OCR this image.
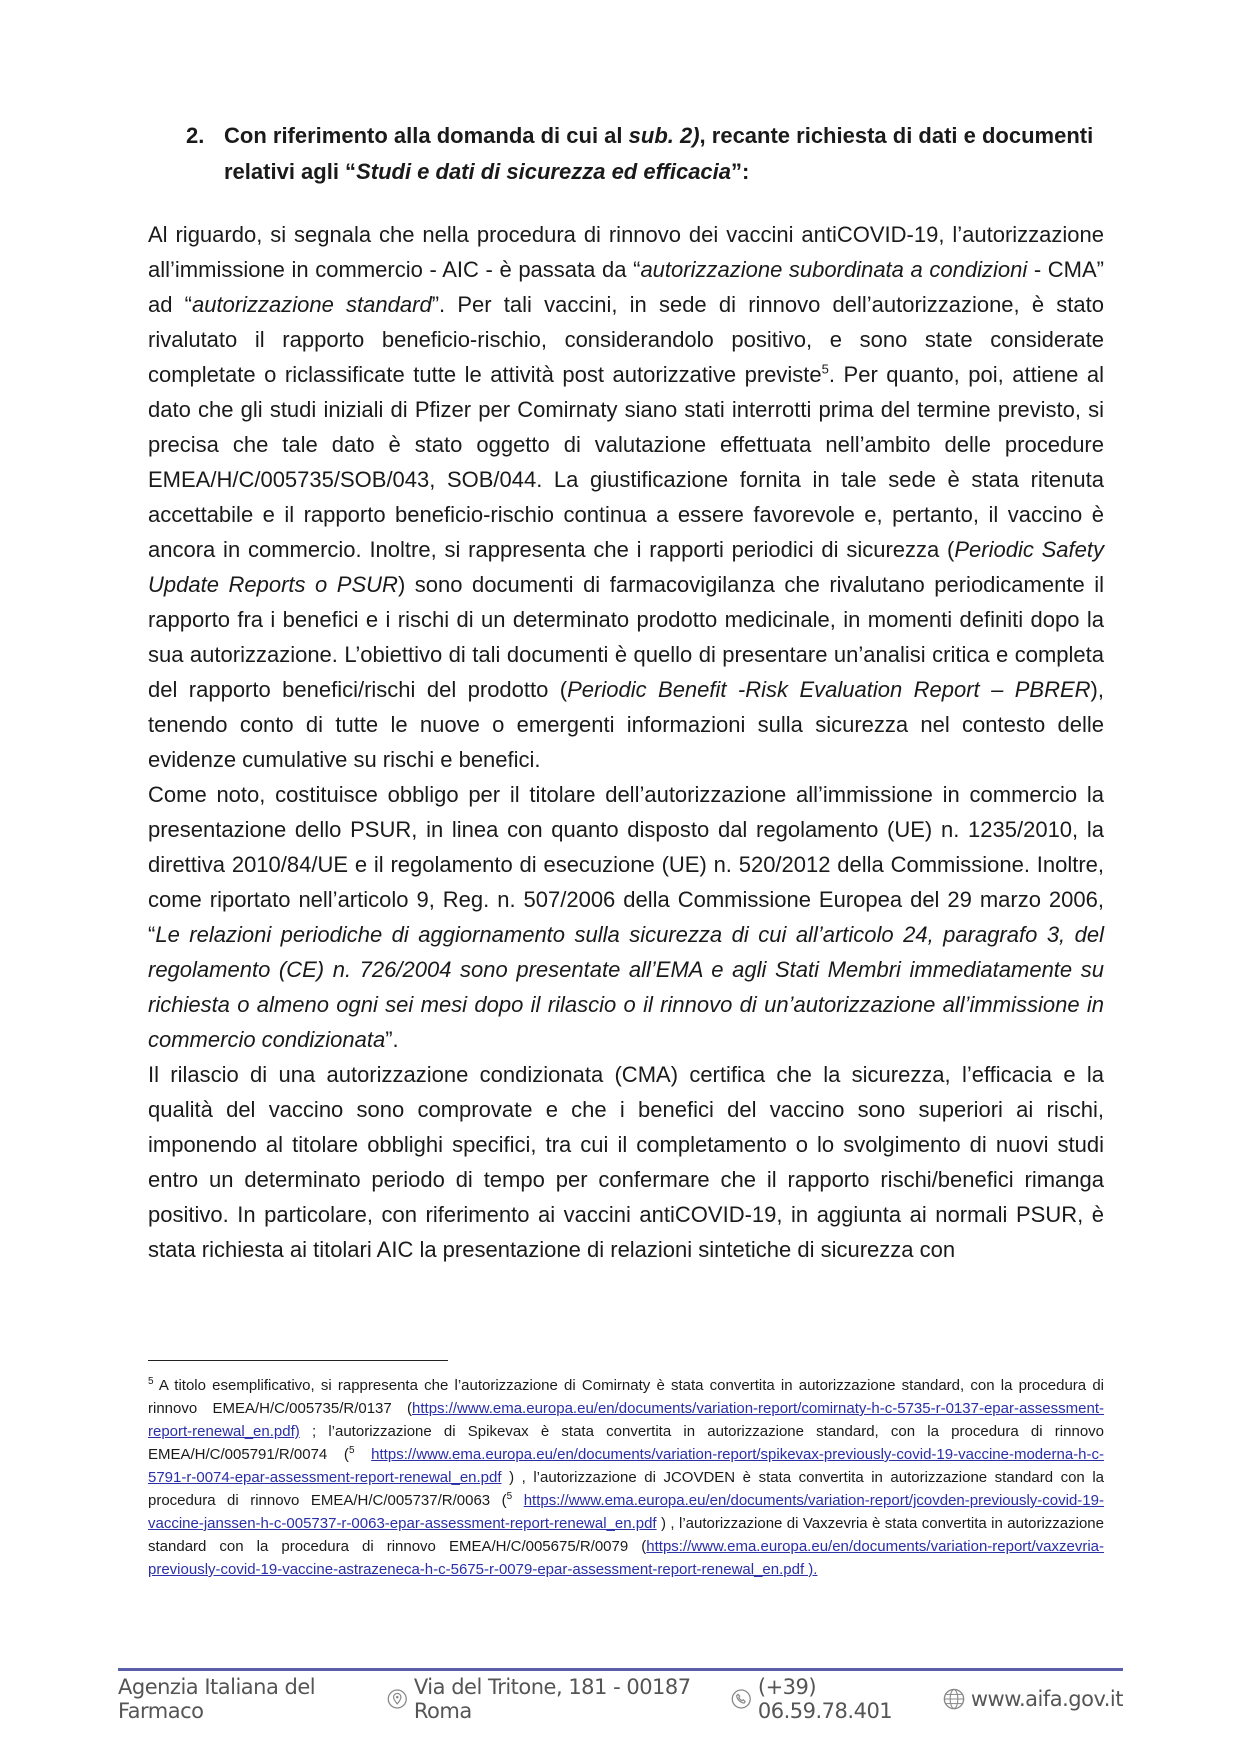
2. Con riferimento alla domanda di cui al sub. 2), recante richiesta di dati e documenti relativi agli “Studi e dati di sicurezza ed efficacia”:

Al riguardo, si segnala che nella procedura di rinnovo dei vaccini antiCOVID-19, l’autorizzazione all’immissione in commercio - AIC - è passata da “autorizzazione subordinata a condizioni - CMA” ad “autorizzazione standard”. Per tali vaccini, in sede di rinnovo dell’autorizzazione, è stato rivalutato il rapporto beneficio-rischio, considerandolo positivo, e sono state considerate completate o riclassificate tutte le attività post autorizzative previste$^5$. Per quanto, poi, attiene al dato che gli studi iniziali di Pfizer per Comirnaty siano stati interrotti prima del termine previsto, si precisa che tale dato è stato oggetto di valutazione effettuata nell’ambito delle procedure EMEA/H/C/005735/SOB/043, SOB/044. La giustificazione fornita in tale sede è stata ritenuta accettabile e il rapporto beneficio-rischio continua a essere favorevole e, pertanto, il vaccino è ancora in commercio. Inoltre, si rappresenta che i rapporti periodici di sicurezza (Periodic Safety Update Reports o PSUR) sono documenti di farmacovigilanza che rivalutano periodicamente il rapporto fra i benefici e i rischi di un determinato prodotto medicinale, in momenti definiti dopo la sua autorizzazione. L’obiettivo di tali documenti è quello di presentare un’analisi critica e completa del rapporto benefici/rischi del prodotto (Periodic Benefit -Risk Evaluation Report – PBRER), tenendo conto di tutte le nuove o emergenti informazioni sulla sicurezza nel contesto delle evidenze cumulative su rischi e benefici.

Come noto, costituisce obbligo per il titolare dell’autorizzazione all’immissione in commercio la presentazione dello PSUR, in linea con quanto disposto dal regolamento (UE) n. 1235/2010, la direttiva 2010/84/UE e il regolamento di esecuzione (UE) n. 520/2012 della Commissione. Inoltre, come riportato nell’articolo 9, Reg. n. 507/2006 della Commissione Europea del 29 marzo 2006, “Le relazioni periodiche di aggiornamento sulla sicurezza di cui all’articolo 24, paragrafo 3, del regolamento (CE) n. 726/2004 sono presentate all’EMA e agli Stati Membri immediatamente su richiesta o almeno ogni sei mesi dopo il rilascio o il rinnovo di un’autorizzazione all’immissione in commercio condizionata”.

Il rilascio di una autorizzazione condizionata (CMA) certifica che la sicurezza, l’efficacia e la qualità del vaccino sono comprovate e che i benefici del vaccino sono superiori ai rischi, imponendo al titolare obblighi specifici, tra cui il completamento o lo svolgimento di nuovi studi entro un determinato periodo di tempo per confermare che il rapporto rischi/benefici rimanga positivo. In particolare, con riferimento ai vaccini antiCOVID-19, in aggiunta ai normali PSUR, è stata richiesta ai titolari AIC la presentazione di relazioni sintetiche di sicurezza con

$^5$ A titolo esemplificativo, si rappresenta che l’autorizzazione di Comirnaty è stata convertita in autorizzazione standard, con la procedura di rinnovo EMEA/H/C/005735/R/0137 (https://www.ema.europa.eu/en/documents/variation-report/comirnaty-h-c-5735-r-0137-epar-assessment-report-renewal_en.pdf) ; l’autorizzazione di Spikevax è stata convertita in autorizzazione standard, con la procedura di rinnovo EMEA/H/C/005791/R/0074 ($^5$ https://www.ema.europa.eu/en/documents/variation-report/spikevax-previously-covid-19-vaccine-moderna-h-c-5791-r-0074-epar-assessment-report-renewal_en.pdf ) , l’autorizzazione di JCOVDEN è stata convertita in autorizzazione standard con la procedura di rinnovo EMEA/H/C/005737/R/0063 ($^5$ https://www.ema.europa.eu/en/documents/variation-report/jcovden-previously-covid-19-vaccine-janssen-h-c-005737-r-0063-epar-assessment-report-renewal_en.pdf ) , l’autorizzazione di Vaxzevria è stata convertita in autorizzazione standard con la procedura di rinnovo EMEA/H/C/005675/R/0079 (https://www.ema.europa.eu/en/documents/variation-report/vaxzevria-previously-covid-19-vaccine-astrazeneca-h-c-5675-r-0079-epar-assessment-report-renewal_en.pdf ).
Agenzia Italiana del Farmaco
Via del Tritone, 181 - 00187 Roma
(+39) 06.59.78.401	www.aifa.gov.it
